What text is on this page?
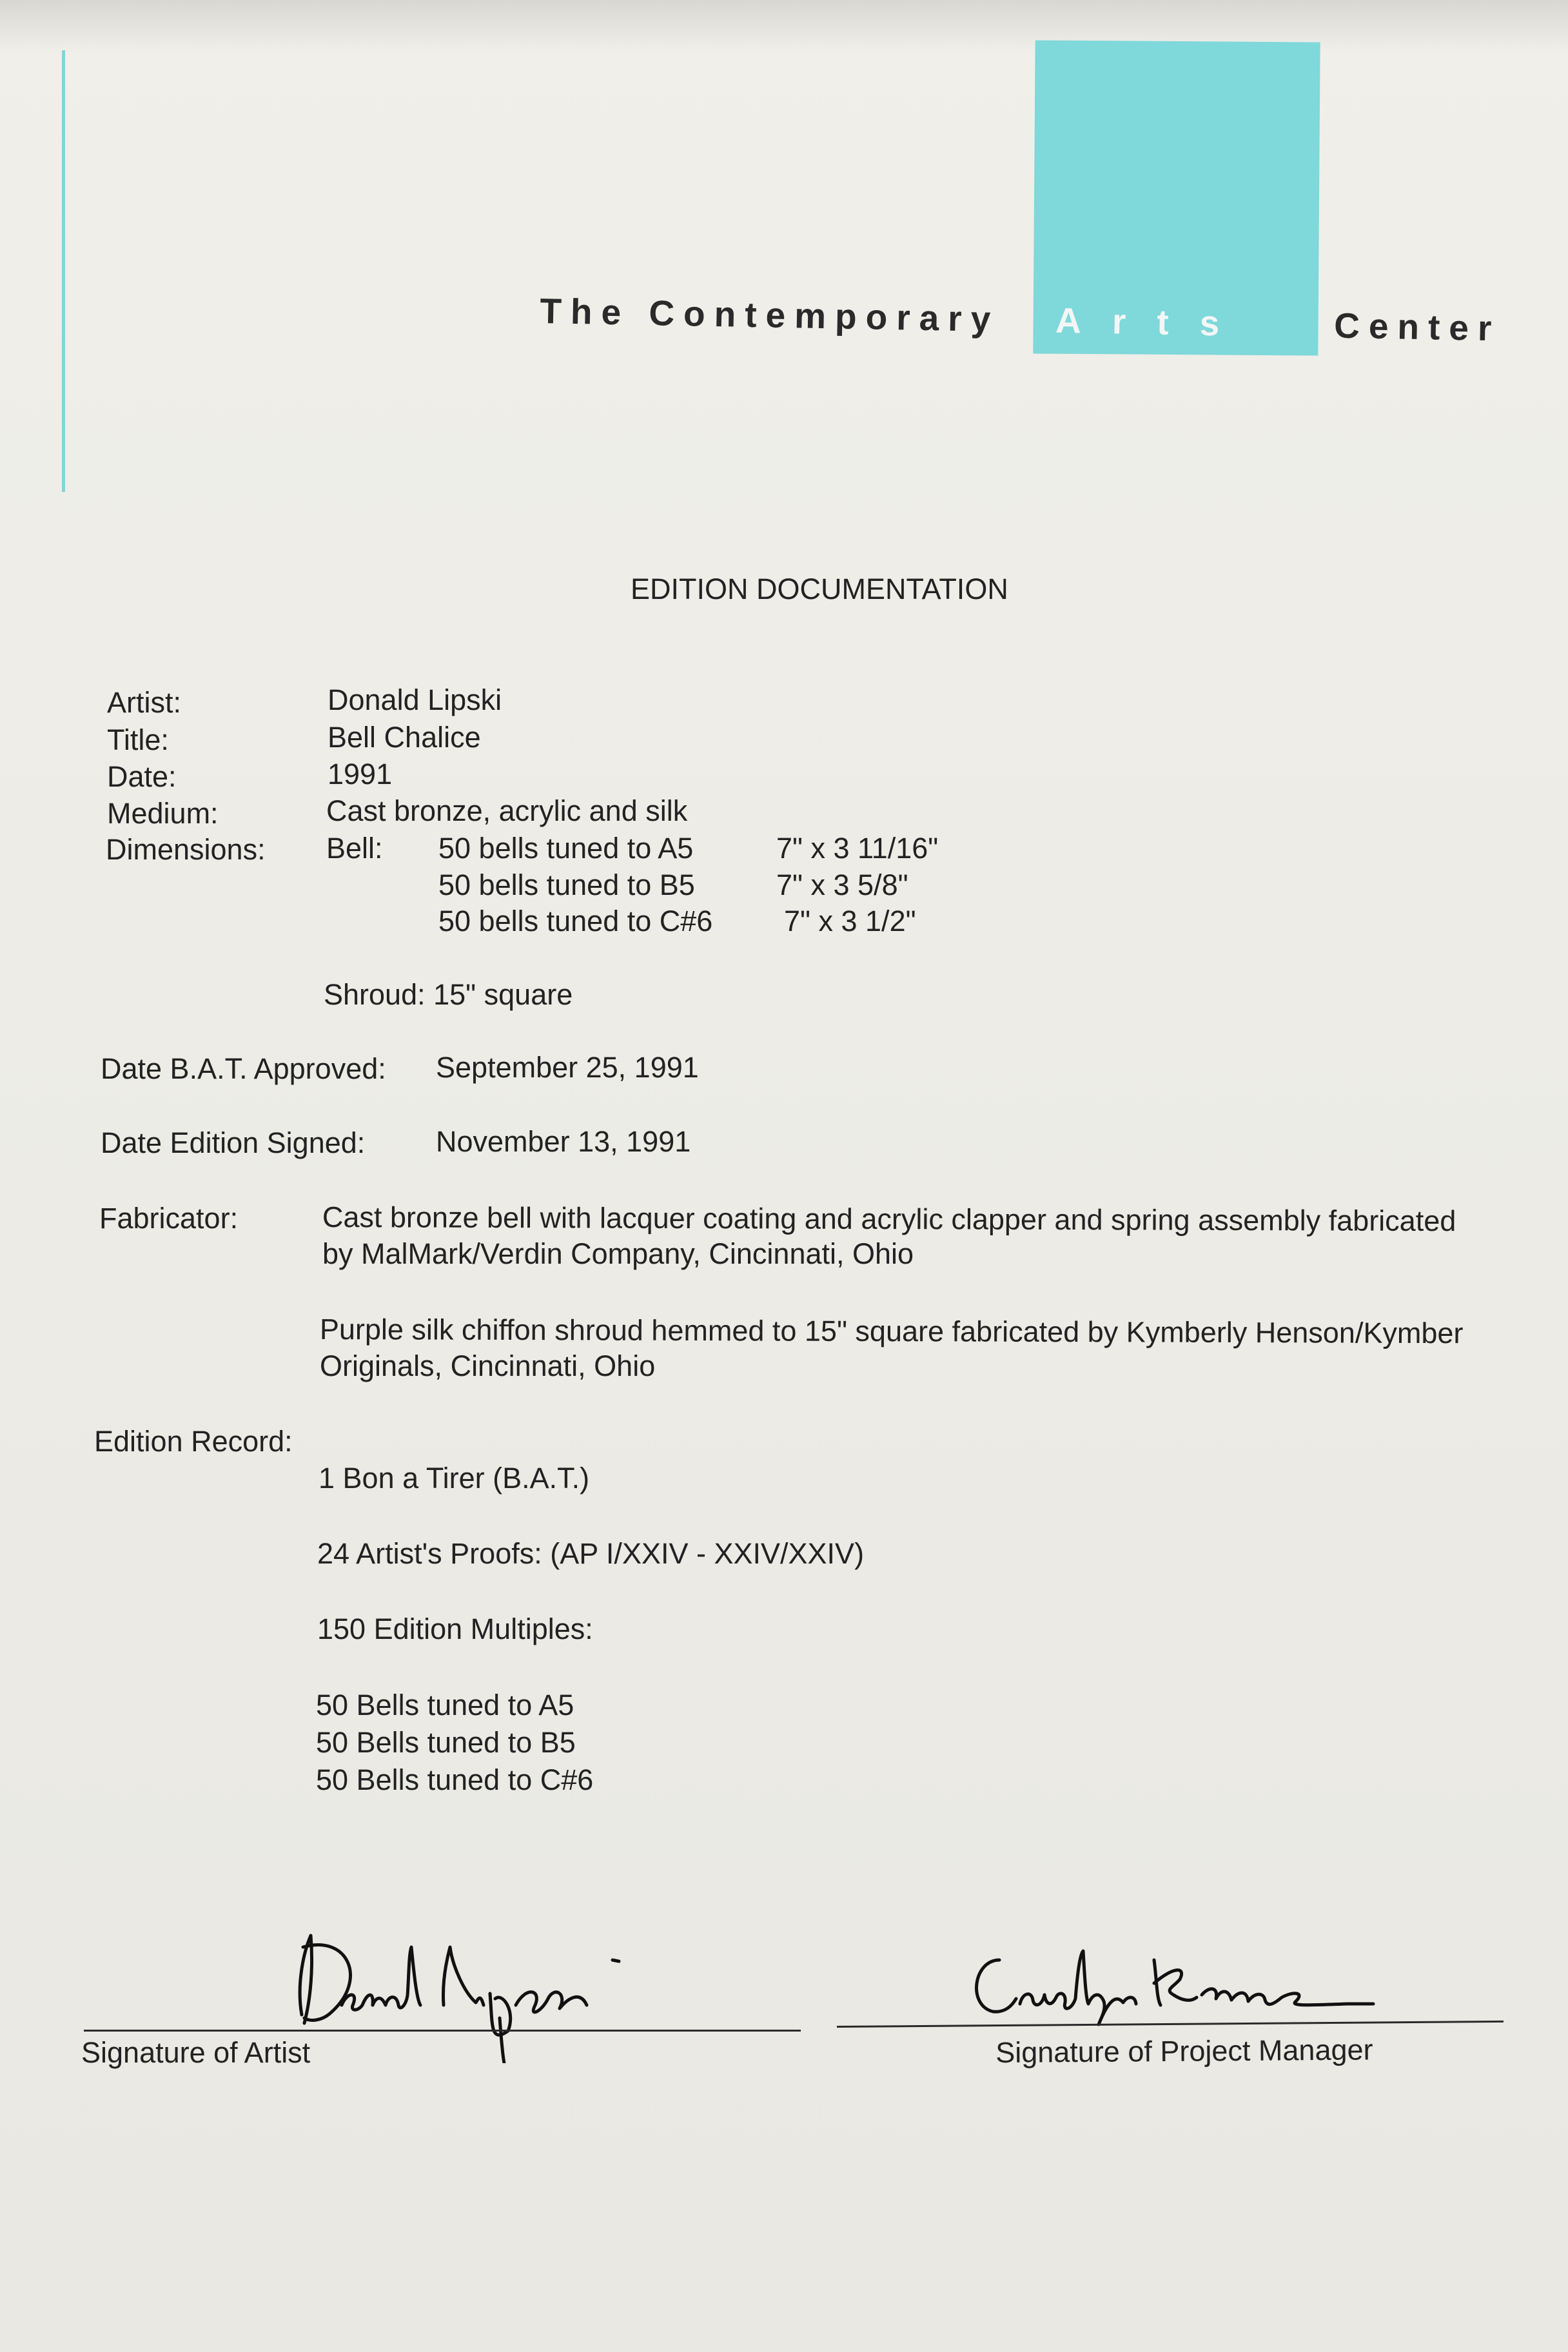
The Contemporary Arts Center
EDITION DOCUMENTATION
Artist:	Donald Lipski
Title:	Bell Chalice
Date:	1991
Medium:	Cast bronze, acrylic and silk
Dimensions: Bell: 50 bells tuned to A5	7" x 3 11/16"
50 bells tuned to B5	7" x 3 5/8"
50 bells tuned to C#6 7" x 3 1/2"
Shroud: 15" square
Date B.A.T. Approved: September 25, 1991
Date Edition Signed: November 13, 1991
Fabricator:	Cast bronze bell with lacquer coating and acrylic clapper and spring assembly fabricated
by MalMark/Verdin Company, Cincinnati, Ohio
Purple silk chiffon shroud hemmed to 15" square fabricated by Kymberly Henson/Kymber
Originals, Cincinnati, Ohio
Edition Record:
1 Bon a Tirer (B.A.T.)
24 Artist's Proofs: (AP I/XXIV - XXIV/XXIV)
150 Edition Multiples:
50 Bells tuned to A5
50 Bells tuned to B5
50 Bells tuned to C#6
Signature of Artist	Signature of Project Manager
